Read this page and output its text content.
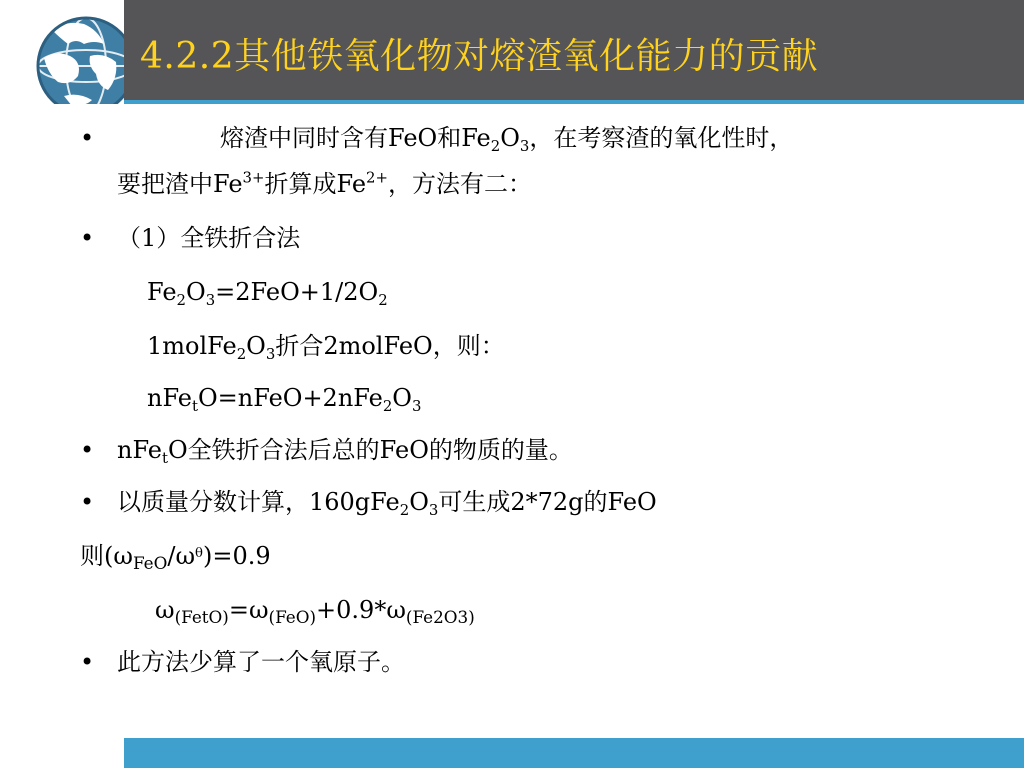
4.2.2其他铁氧化物对熔渣氧化能力的贡献
•	熔渣中同时含有FeO和$Fe_2O_3$，在考察渣的氧化性时，
要把渣中$Fe^{3+}$折算成$Fe^{2+}$，方法有二：
• （1）全铁折合法
$Fe_2O_3=2FeO+1/2O_2$
$1molFe_2O_3$折合2molFeO，则：
$nFe_tO=nFeO+2nFe_2O_3$
• nFe$_t$O全铁折合法后总的FeO的物质的量。
• 以质量分数计算，$160gFe_2O_3$可生成2*72g的FeO
则$(\omega_{FeO}/\omega^\theta)=0.9$
$\omega_{(FetO)}=\omega_{(FeO)}+0.9*\omega_{(Fe2O3)}$
• 此方法少算了一个氧原子。
